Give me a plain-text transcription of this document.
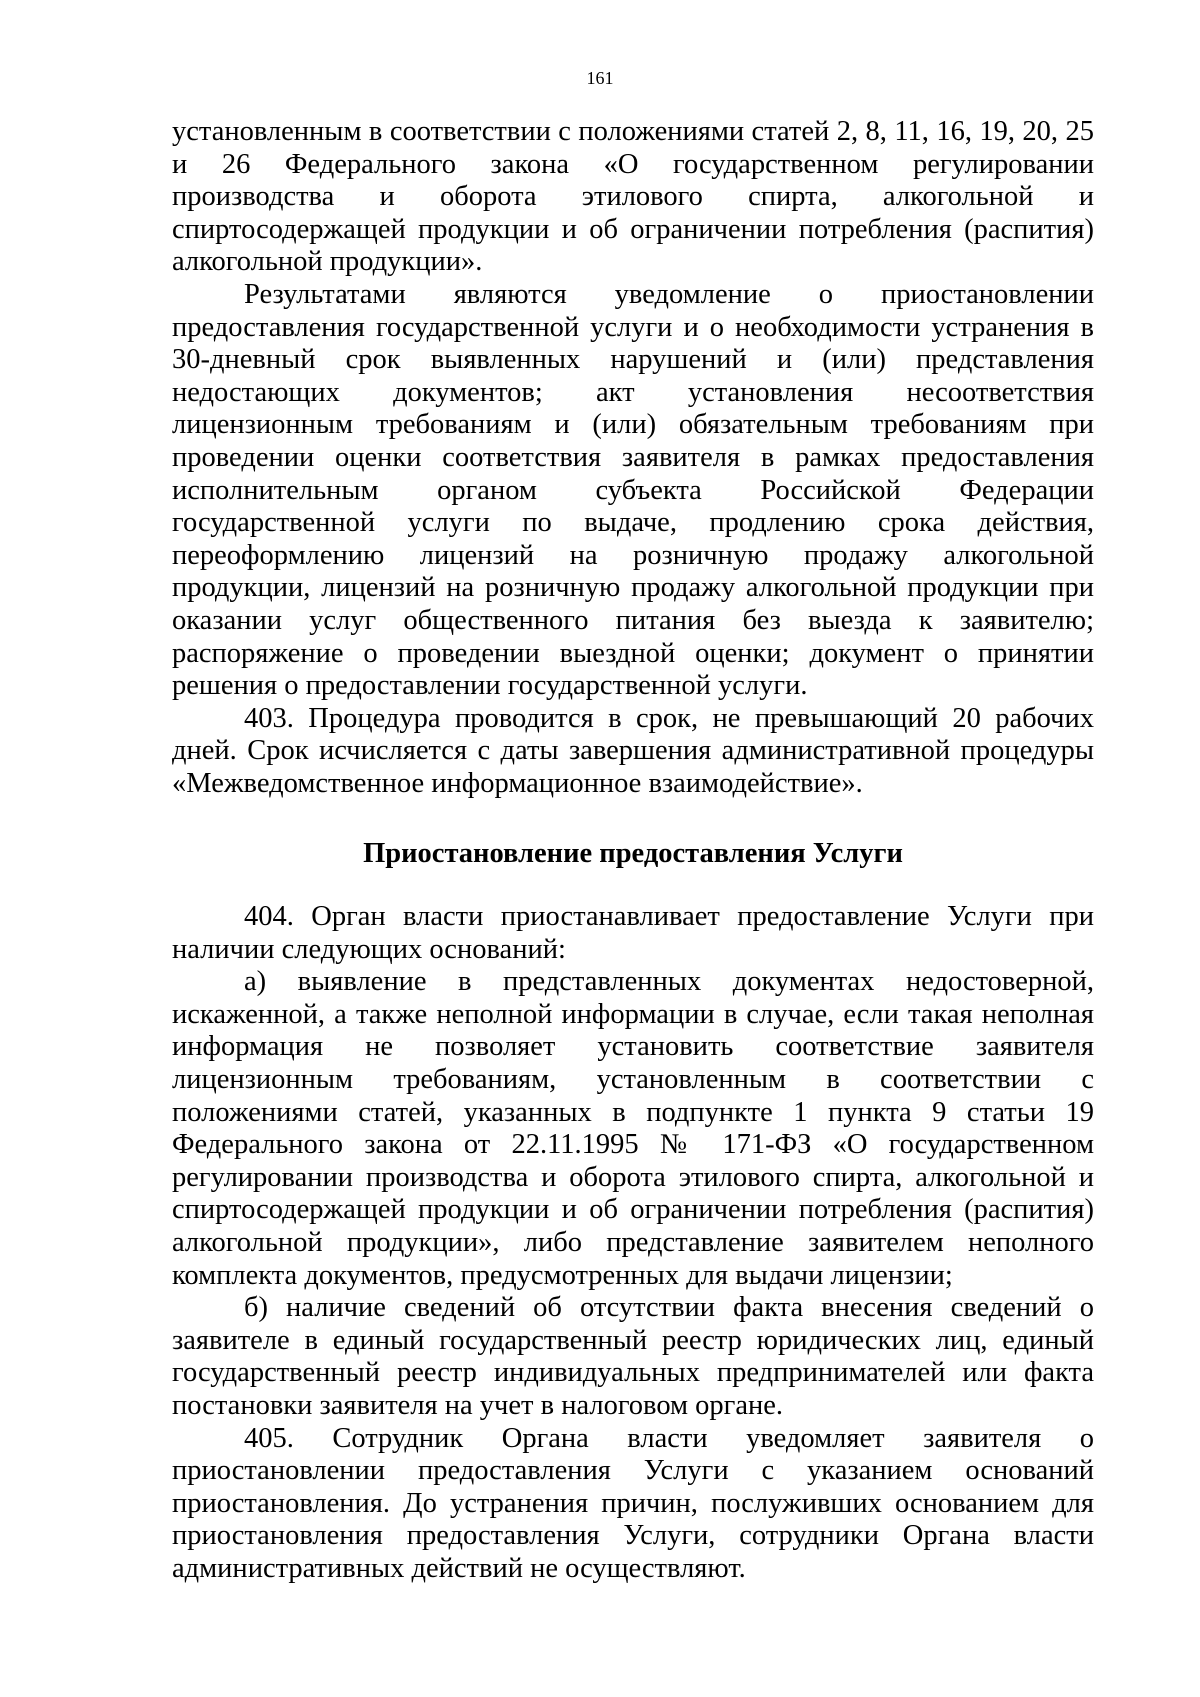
161

установленным в соответствии с положениями статей 2, 8, 11, 16, 19, 20, 25 и 26 Федерального закона «О государственном регулировании производства и оборота этилового спирта, алкогольной и спиртосодержащей продукции и об ограничении потребления (распития) алкогольной продукции».

Результатами являются уведомление о приостановлении предоставления государственной услуги и о необходимости устранения в 30-дневный срок выявленных нарушений и (или) представления недостающих документов; акт установления несоответствия лицензионным требованиям и (или) обязательным требованиям при проведении оценки соответствия заявителя в рамках предоставления исполнительным органом субъекта Российской Федерации государственной услуги по выдаче, продлению срока действия, переоформлению лицензий на розничную продажу алкогольной продукции, лицензий на розничную продажу алкогольной продукции при оказании услуг общественного питания без выезда к заявителю; распоряжение о проведении выездной оценки; документ о принятии решения о предоставлении государственной услуги.

403. Процедура проводится в срок, не превышающий 20 рабочих дней. Срок исчисляется с даты завершения административной процедуры «Межведомственное информационное взаимодействие».

Приостановление предоставления Услуги

404. Орган власти приостанавливает предоставление Услуги при наличии следующих оснований:

а) выявление в представленных документах недостоверной, искаженной, а также неполной информации в случае, если такая неполная информация не позволяет установить соответствие заявителя лицензионным требованиям, установленным в соответствии с положениями статей, указанных в подпункте 1 пункта 9 статьи 19 Федерального закона от 22.11.1995 № 171-ФЗ «О государственном регулировании производства и оборота этилового спирта, алкогольной и спиртосодержащей продукции и об ограничении потребления (распития) алкогольной продукции», либо представление заявителем неполного комплекта документов, предусмотренных для выдачи лицензии;

б) наличие сведений об отсутствии факта внесения сведений о заявителе в единый государственный реестр юридических лиц, единый государственный реестр индивидуальных предпринимателей или факта постановки заявителя на учет в налоговом органе.

405. Сотрудник Органа власти уведомляет заявителя о приостановлении предоставления Услуги с указанием оснований приостановления. До устранения причин, послуживших основанием для приостановления предоставления Услуги, сотрудники Органа власти административных действий не осуществляют.
